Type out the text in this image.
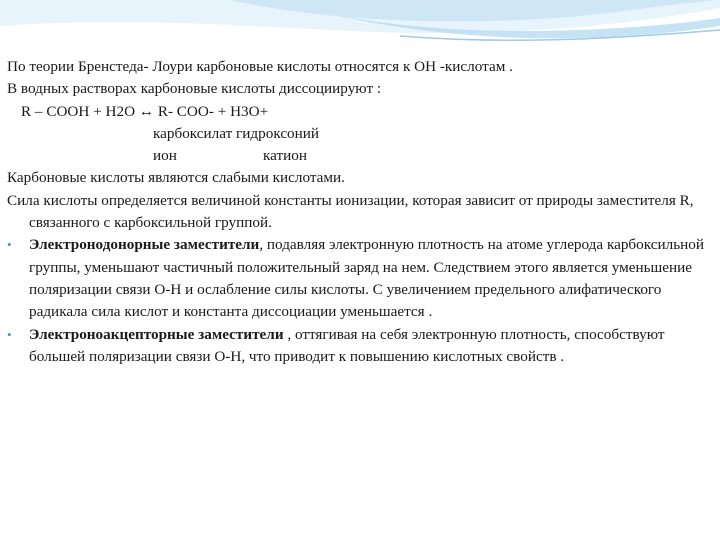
По теории Бренстеда- Лоури карбоновые кислоты относятся к ОН -кислотам .
В водных растворах карбоновые кислоты диссоциируют :
R – COOH + H2O ↔ R- COO- + H3O+
карбоксилат гидроксоний
ион	катион
Карбоновые кислоты являются слабыми кислотами.
Сила кислоты определяется величиной константы ионизации, которая зависит от природы заместителя R, связанного с карбоксильной группой.
• Электронодонорные заместители, подавляя электронную плотность на атоме углерода карбоксильной группы, уменьшают частичный положительный заряд на нем. Следствием этого является уменьшение поляризации связи О-Н и ослабление силы кислоты. С увеличением предельного алифатического радикала сила кислот и константа диссоциации уменьшается .
• Электроноакцепторные заместители , оттягивая на себя электронную плотность, способствуют большей поляризации связи О-Н, что приводит к повышению кислотных свойств .
